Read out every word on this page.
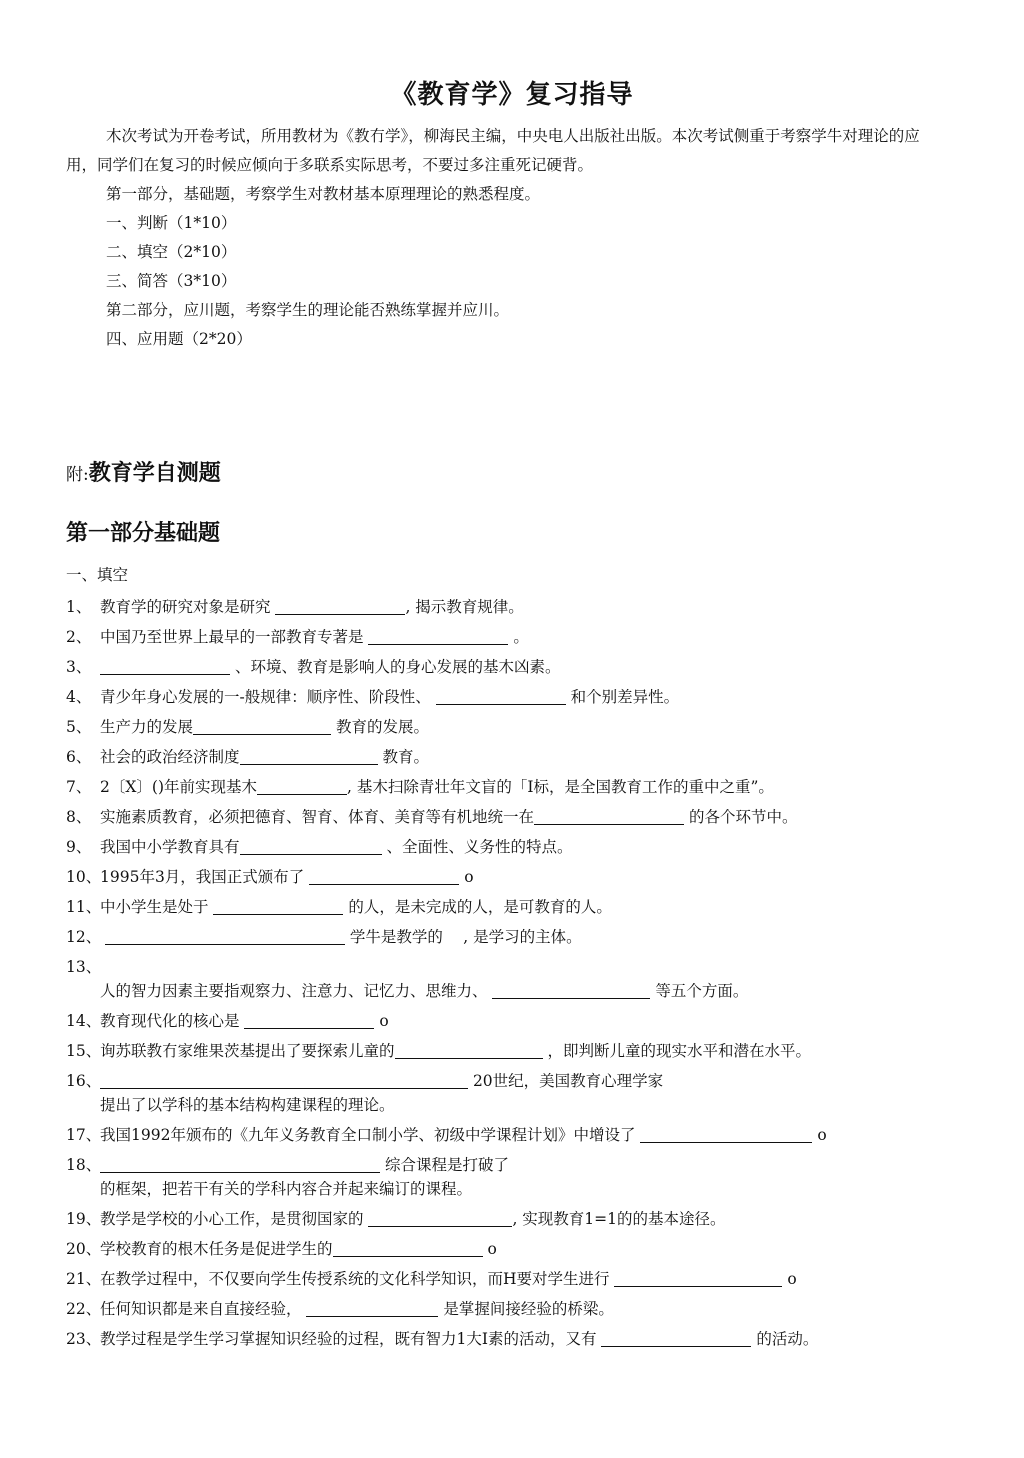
《教育学》复习指导

木次考试为开卷考试，所用教材为《教冇学》，柳海民主编，中央电人出版社出版。本次考试侧重于考察学牛对理论的应用，同学们在复习的时候应倾向于多联系实际思考，不要过多注重死记硬背。

第一部分，基础题，考察学生对教材基本原理理论的熟悉程度。

一、判断（1*10）

二、填空（2*10）

三、简答（3*10）

第二部分，应川题，考察学生的理论能否熟练掌握并应川。

四、应用题（2*20）

附:教育学自测题
第一部分基础题
一、填空
1、 教育学的研究对象是研究	, 揭示教育规律。
2、 中国乃至世界上最早的一部教育专著是	。
3、	、环境、教育是影响人的身心发展的基木凶素。
4、 青少年身心发展的一-般规律：顺序性、阶段性、	和个别差异性。
5、 生产力的发展	教育的发展。
6、 社会的政治经济制度	教育。
7、 2〔X〕()年前实现基木	, 基木扫除青壮年文盲的「I标，是全国教育工作的重中之重”。
8、 实施素质教育，必须把德育、智育、体育、美育等有机地统一在	的各个环节中。
9、 我国中小学教育具有	、全面性、义务性的特点。
10、1995年3月，我国正式颁布了	o
11、中小学生是处于	的人，是未完成的人，是可教育的人。
12、	学牛是教学的　 , 是学习的主体。
13、

人的智力因素主要指观察力、注意力、记忆力、思维力、	等五个方面。
14、教育现代化的核心是	o
15、询苏联教冇家维果茨基提出了要探索儿童的	，即判断儿童的现实水平和潜在水平。
16、	20世纪，美国教育心理学家
提出了以学科的基本结构构建课程的理论。
17、我国1992年颁布的《九年义务教育全口制小学、初级中学课程计划》中增设了	o
18、	综合课程是打破了
的框架，把若干有关的学科内容合并起来编订的课程。
19、教学是学校的小心工作，是贯彻国家的	, 实现教育1=1的的基本途径。
20、学校教育的根木任务是促进学生的	o
21、在教学过程中，不仅要向学生传授系统的文化科学知识，而H要对学生进行	o
22、任何知识都是来自直接经验，	是掌握间接经验的桥梁。
23、教学过程是学生学习掌握知识经验的过程，既有智力1大I素的活动，又有	的活动。
